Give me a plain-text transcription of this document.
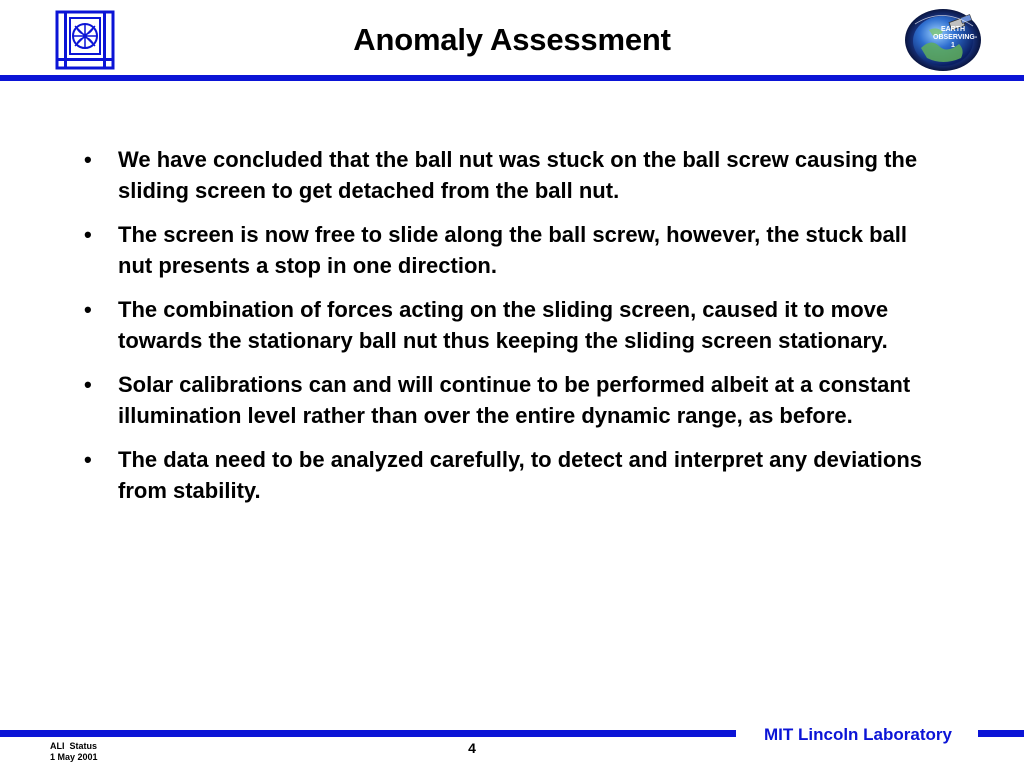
Anomaly Assessment	EARTH OBSERVING-1
• We have concluded that the ball nut was stuck on the ball screw causing the sliding screen to get detached from the ball nut.
• The screen is now free to slide along the ball screw, however, the stuck ball nut presents a stop in one direction.
• The combination of forces acting on the sliding screen, caused it to move towards the stationary ball nut thus keeping the sliding screen stationary.
• Solar calibrations can and will continue to be performed albeit at a constant illumination level rather than over the entire dynamic range, as before.
• The data need to be analyzed carefully, to detect and interpret any deviations from stability.
MIT Lincoln Laboratory
ALI  Status
1 May 2001
4
